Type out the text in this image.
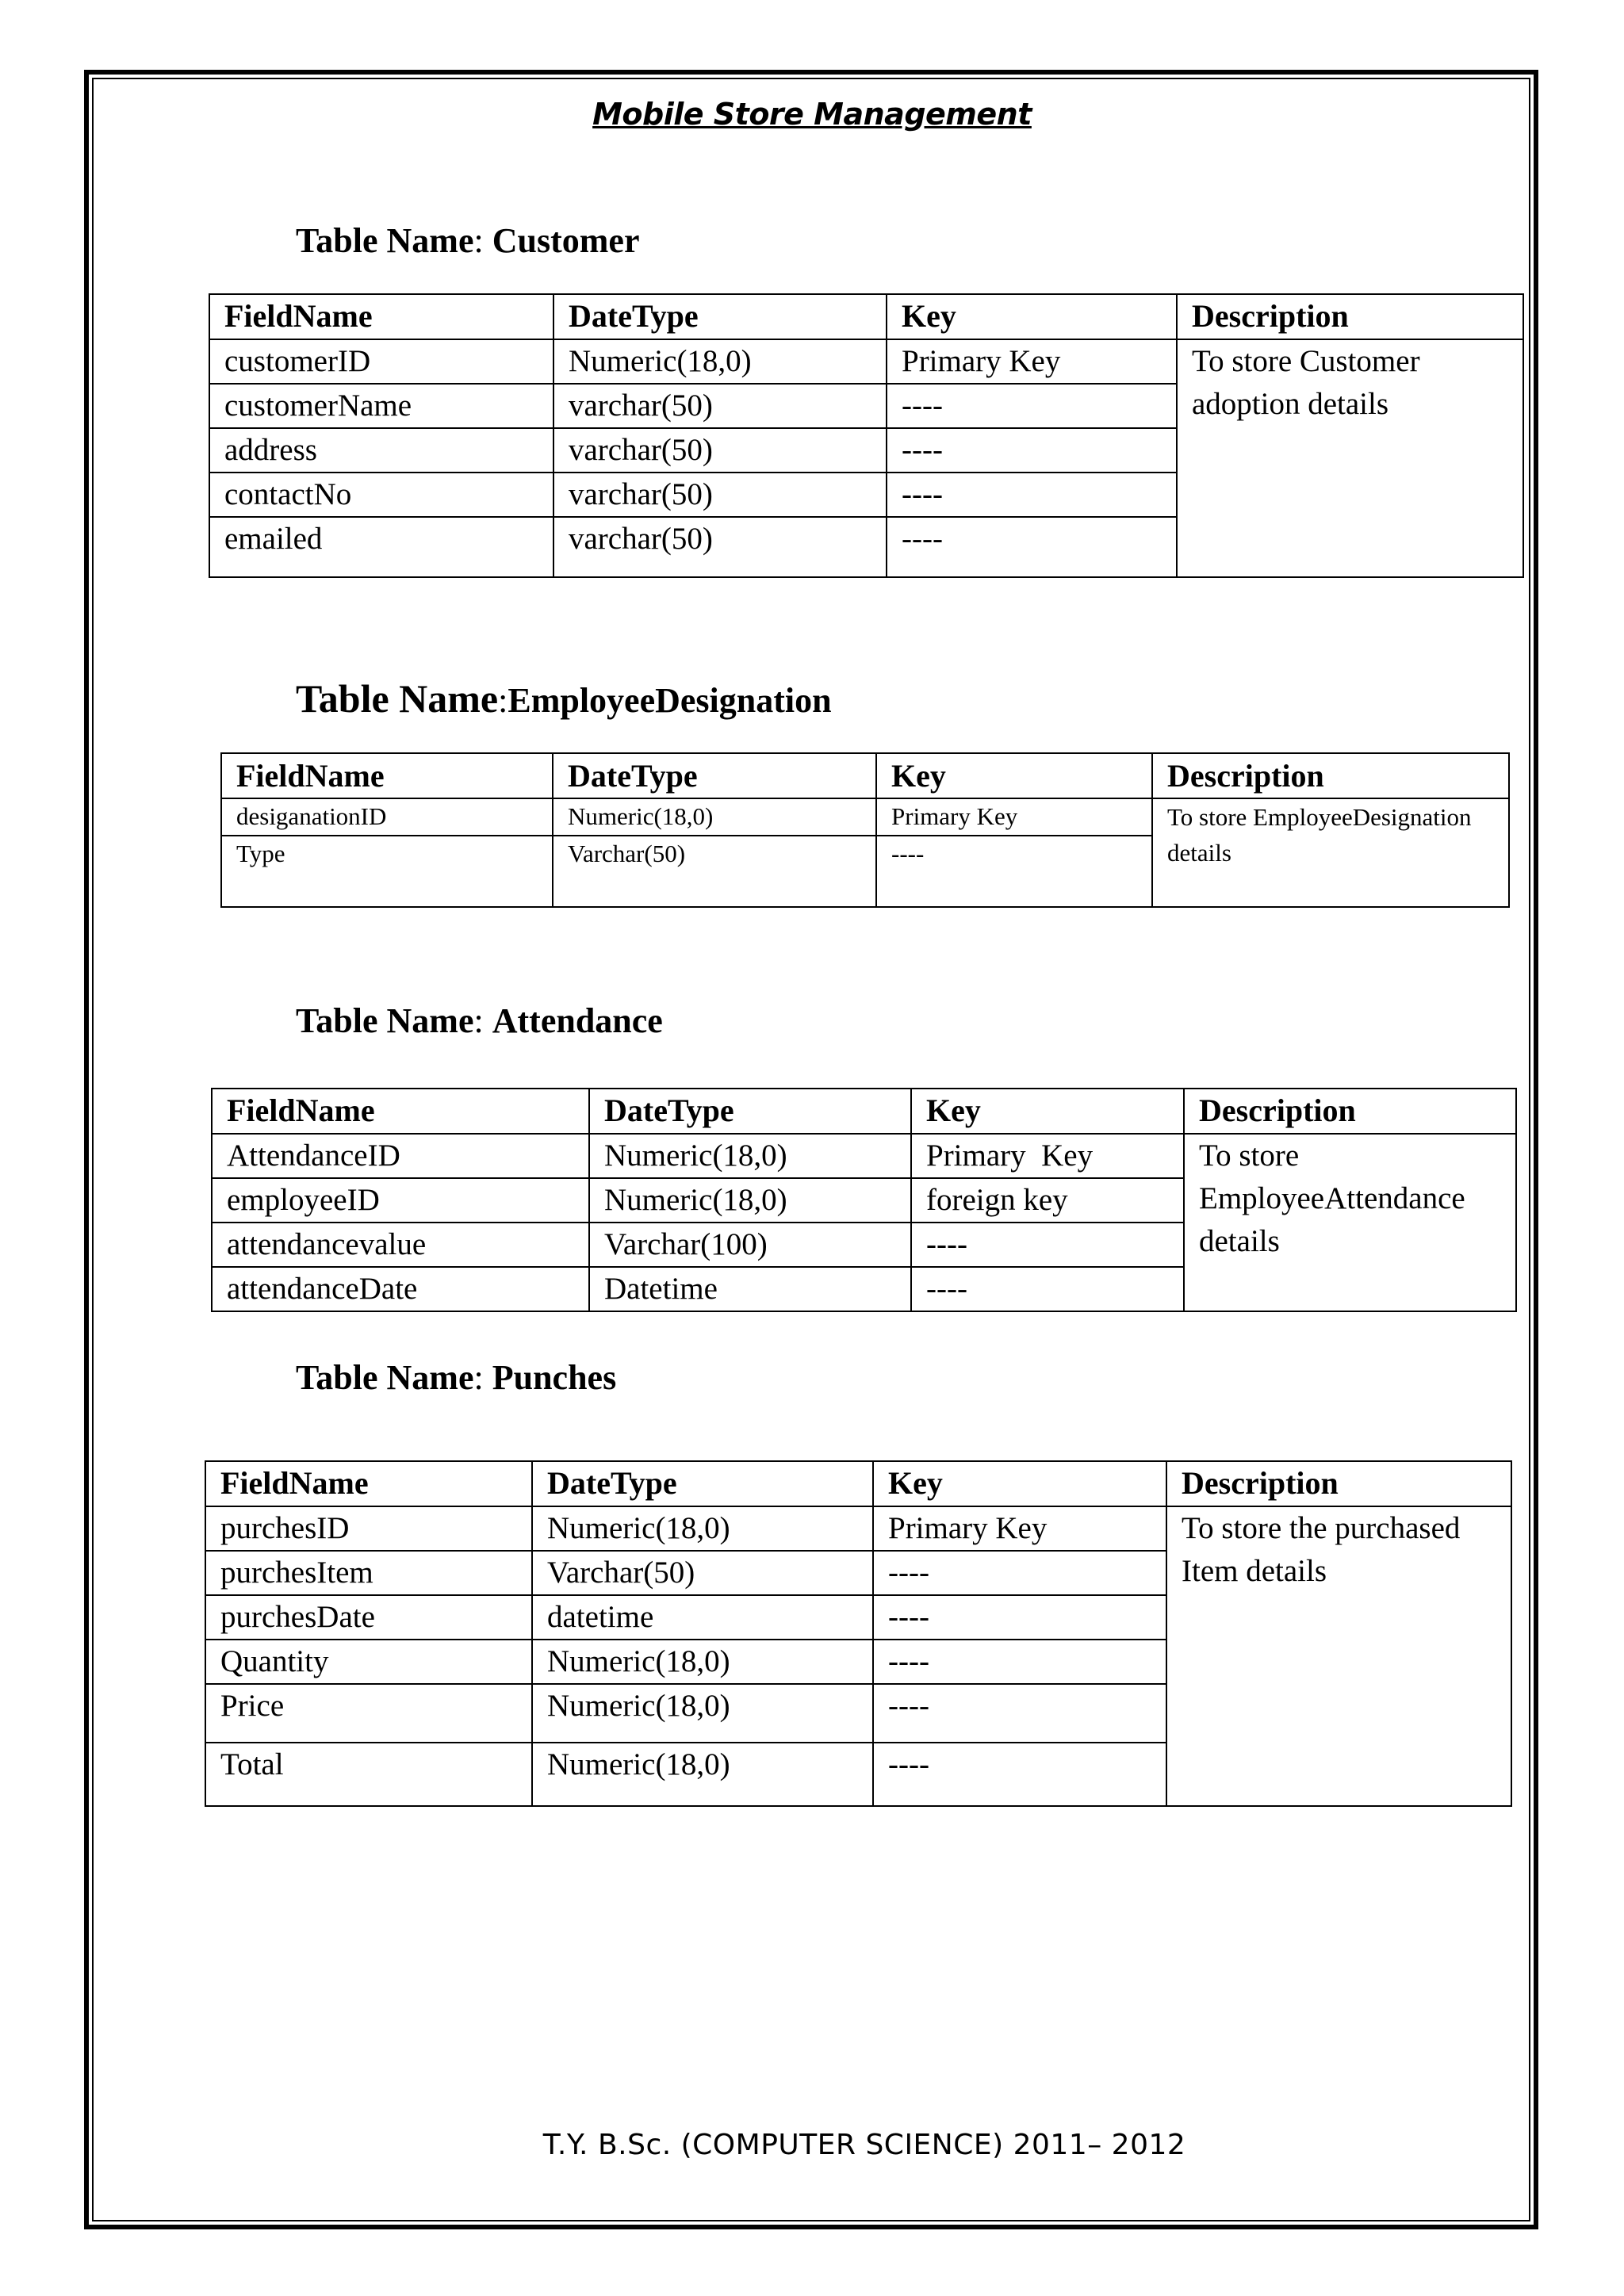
Mobile Store Management
Table Name: Customer
FieldName	DateType	Key	Description
customerID	Numeric(18,0)	Primary Key	To store Customer adoption details
customerName	varchar(50)	----	
address	varchar(50)	----	
contactNo	varchar(50)	----	
emailed	varchar(50)	----	
Table Name:EmployeeDesignation
FieldName	DateType	Key	Description
desiganationID	Numeric(18,0)	Primary Key	To store EmployeeDesignation details
Type	Varchar(50)	----	
Table Name: Attendance
FieldName	DateType	Key	Description
AttendanceID	Numeric(18,0)	Primary  Key	To store EmployeeAttendance details
employeeID	Numeric(18,0)	foreign key	
attendancevalue	Varchar(100)	----	
attendanceDate	Datetime	----	
Table Name: Punches
FieldName	DateType	Key	Description
purchesID	Numeric(18,0)	Primary Key	To store the purchased Item details
purchesItem	Varchar(50)	----	
purchesDate	datetime	----	
Quantity	Numeric(18,0)	----	
Price	Numeric(18,0)	----	
Total	Numeric(18,0)	----	
T.Y. B.Sc. (COMPUTER SCIENCE) 2011– 2012
